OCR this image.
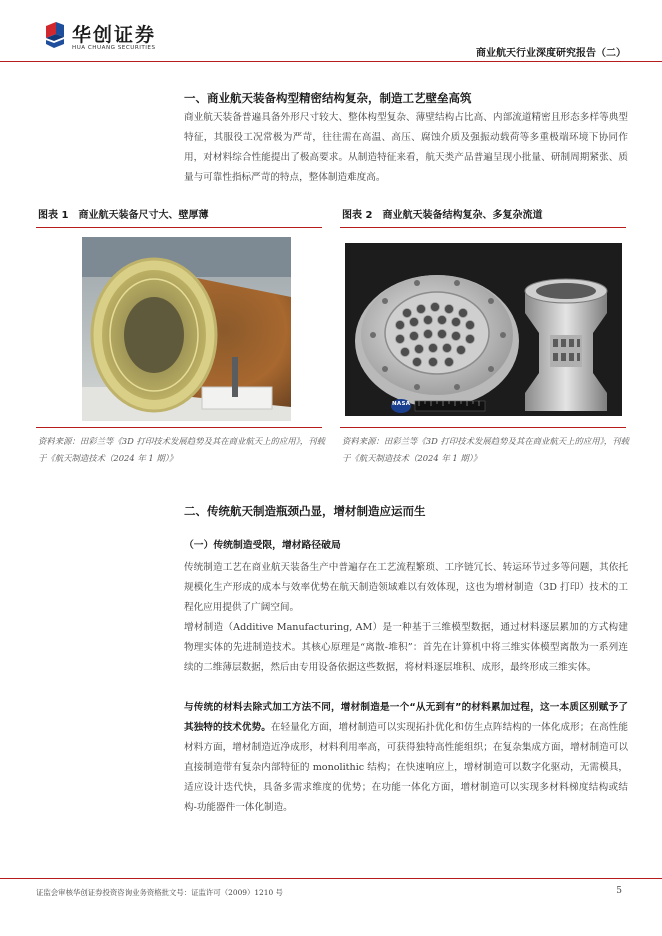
华创证券
HUA CHUANG SECURITIES	商业航天行业深度研究报告（二）
一、商业航天装备构型精密结构复杂，制造工艺壁垒高筑
商业航天装备普遍具备外形尺寸较大、整体构型复杂、薄壁结构占比高、内部流道精密且形态多样等典型特征，其服役工况常极为严苛，往往需在高温、高压、腐蚀介质及强振动载荷等多重极端环境下协同作用，对材料综合性能提出了极高要求。从制造特征来看，航天类产品普遍呈现小批量、研制周期紧张、质量与可靠性指标严苛的特点，整体制造难度高。
图表 1　商业航天装备尺寸大、壁厚薄
资料来源：田彩兰等《3D 打印技术发展趋势及其在商业航天上的应用》，刊载于《航天制造技术（2024 年 1 期）》
图表 2　商业航天装备结构复杂、多复杂流道
NASA
资料来源：田彩兰等《3D 打印技术发展趋势及其在商业航天上的应用》，刊载于《航天制造技术（2024 年 1 期）》
二、传统航天制造瓶颈凸显，增材制造应运而生
（一）传统制造受限，增材路径破局
传统制造工艺在商业航天装备生产中普遍存在工艺流程繁琐、工序链冗长、转运环节过多等问题，其依托规模化生产形成的成本与效率优势在航天制造领域难以有效体现，这也为增材制造（3D 打印）技术的工程化应用提供了广阔空间。
增材制造（Additive Manufacturing, AM）是一种基于三维模型数据，通过材料逐层累加的方式构建物理实体的先进制造技术。其核心原理是“离散-堆积”：首先在计算机中将三维实体模型离散为一系列连续的二维薄层数据，然后由专用设备依据这些数据，将材料逐层堆积、成形，最终形成三维实体。
与传统的材料去除式加工方法不同，增材制造是一个“从无到有”的材料累加过程，这一本质区别赋予了其独特的技术优势。在轻量化方面，增材制造可以实现拓扑优化和仿生点阵结构的一体化成形；在高性能材料方面，增材制造近净成形，材料利用率高，可获得独特高性能组织；在复杂集成方面，增材制造可以直接制造带有复杂内部特征的 monolithic 结构；在快速响应上，增材制造可以数字化驱动，无需模具，适应设计迭代快，具备多需求维度的优势；在功能一体化方面，增材制造可以实现多材料梯度结构或结构-功能器件一体化制造。
证监会审核华创证券投资咨询业务资格批文号：证监许可（2009）1210 号	5
